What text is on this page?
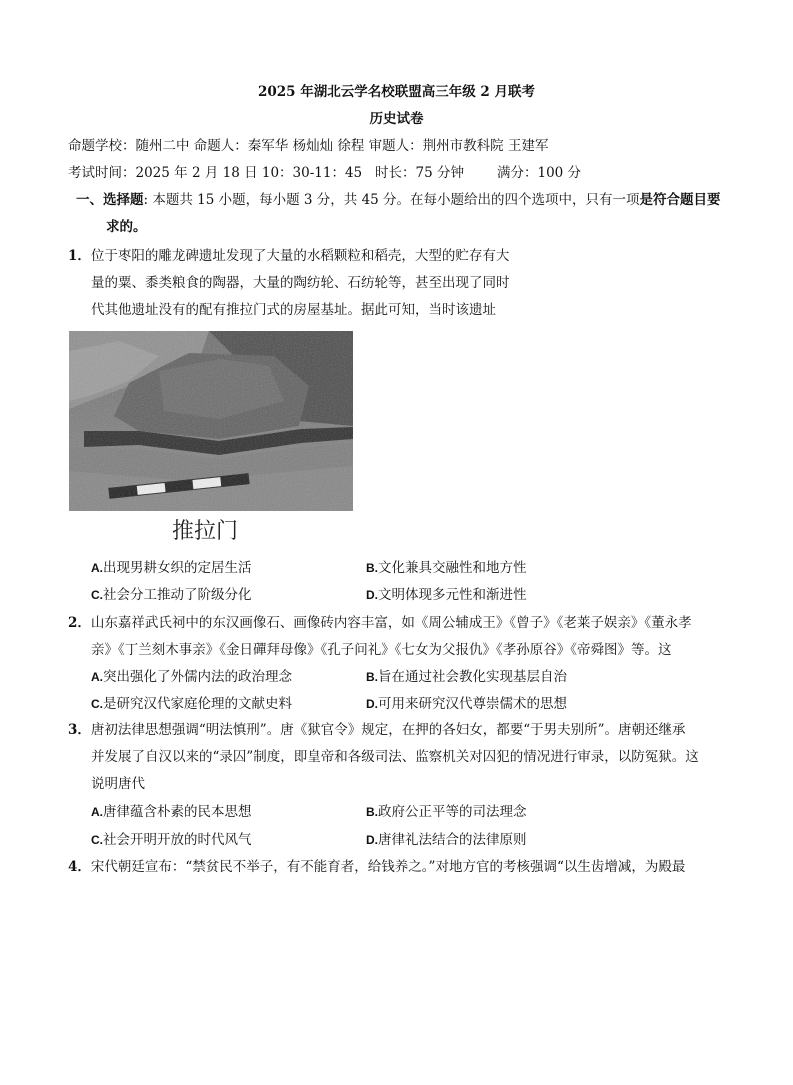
2025 年湖北云学名校联盟高三年级 2 月联考
历史试卷
命题学校：随州二中 命题人：秦军华 杨灿灿 徐程 审题人：荆州市教科院 王建军
考试时间：2025 年 2 月 18 日 10：30-11：45 时长：75 分钟 满分：100 分
一、选择题: 本题共 15 小题，每小题 3 分，共 45 分。在每小题给出的四个选项中，只有一项是符合题目要
求的。
1．位于枣阳的雕龙碑遗址发现了大量的水稻颗粒和稻壳，大型的贮存有大
量的粟、黍类粮食的陶器，大量的陶纺轮、石纺轮等，甚至出现了同时
代其他遗址没有的配有推拉门式的房屋基址。据此可知，当时该遗址
推拉门
A.出现男耕女织的定居生活	B.文化兼具交融性和地方性
C.社会分工推动了阶级分化	D.文明体现多元性和渐进性
2．山东嘉祥武氏祠中的东汉画像石、画像砖内容丰富，如《周公辅成王》《曾子》《老莱子娱亲》《董永孝
亲》《丁兰刻木事亲》《金日磾拜母像》《孔子问礼》《七女为父报仇》《孝孙原谷》《帝舜图》等。这
A.突出强化了外儒内法的政治理念	B.旨在通过社会教化实现基层自治
C.是研究汉代家庭伦理的文献史料	D.可用来研究汉代尊崇儒术的思想
3．唐初法律思想强调“明法慎刑”。唐《狱官令》规定，在押的各妇女，都要“于男夫别所”。唐朝还继承
并发展了自汉以来的“录囚”制度，即皇帝和各级司法、监察机关对囚犯的情况进行审录，以防冤狱。这
说明唐代
A.唐律蕴含朴素的民本思想	B.政府公正平等的司法理念
C.社会开明开放的时代风气	D.唐律礼法结合的法律原则
4．宋代朝廷宣布：“禁贫民不举子，有不能育者，给钱养之。”对地方官的考核强调“以生齿增减，为殿最
